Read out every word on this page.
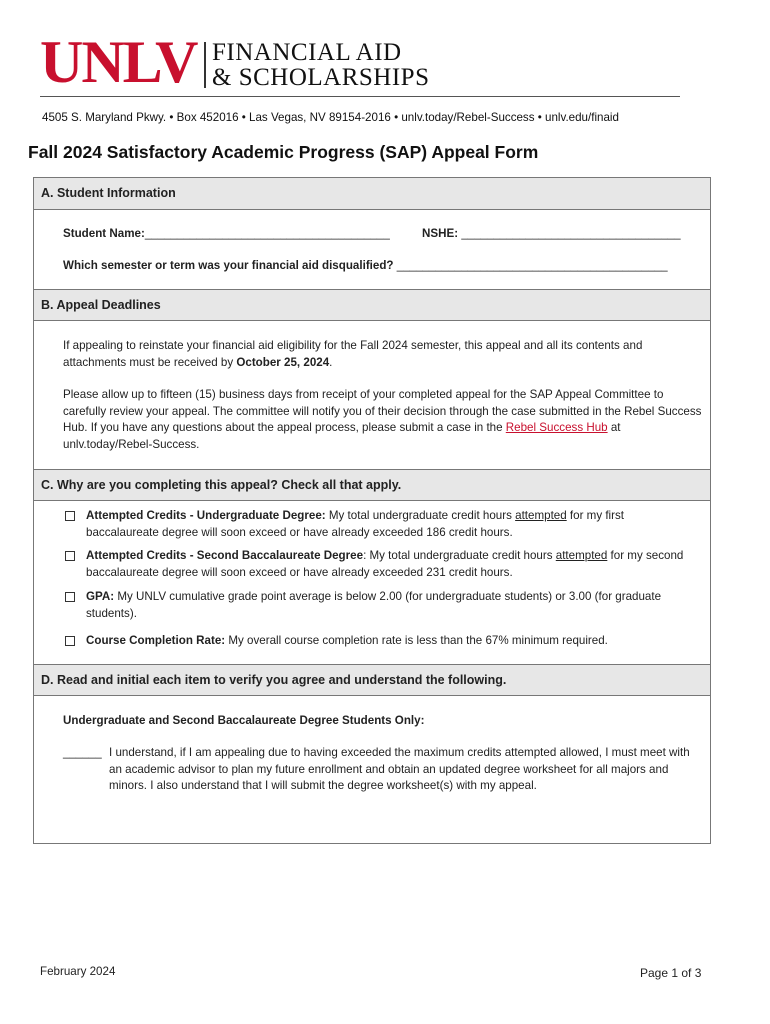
UNLV FINANCIAL AID
& SCHOLARSHIPS
4505 S. Maryland Pkwy. • Box 452016 • Las Vegas, NV 89154-2016 • unlv.today/Rebel-Success • unlv.edu/finaid
Fall 2024 Satisfactory Academic Progress (SAP) Appeal Form
A. Student Information
Student Name:______________________________________	NSHE: __________________________________
Which semester or term was your financial aid disqualified? __________________________________________
B. Appeal Deadlines
If appealing to reinstate your financial aid eligibility for the Fall 2024 semester, this appeal and all its contents and attachments must be received by October 25, 2024.
Please allow up to fifteen (15) business days from receipt of your completed appeal for the SAP Appeal Committee to carefully review your appeal. The committee will notify you of their decision through the case submitted in the Rebel Success Hub. If you have any questions about the appeal process, please submit a case in the Rebel Success Hub at unlv.today/Rebel-Success.
C. Why are you completing this appeal? Check all that apply.
Attempted Credits - Undergraduate Degree: My total undergraduate credit hours attempted for my first baccalaureate degree will soon exceed or have already exceeded 186 credit hours.
Attempted Credits - Second Baccalaureate Degree: My total undergraduate credit hours attempted for my second baccalaureate degree will soon exceed or have already exceeded 231 credit hours.
GPA: My UNLV cumulative grade point average is below 2.00 (for undergraduate students) or 3.00 (for graduate students).
Course Completion Rate: My overall course completion rate is less than the 67% minimum required.
D. Read and initial each item to verify you agree and understand the following.
Undergraduate and Second Baccalaureate Degree Students Only:
______ I understand, if I am appealing due to having exceeded the maximum credits attempted allowed, I must meet with an academic advisor to plan my future enrollment and obtain an updated degree worksheet for all majors and minors. I also understand that I will submit the degree worksheet(s) with my appeal.
February 2024	Page 1 of 3
